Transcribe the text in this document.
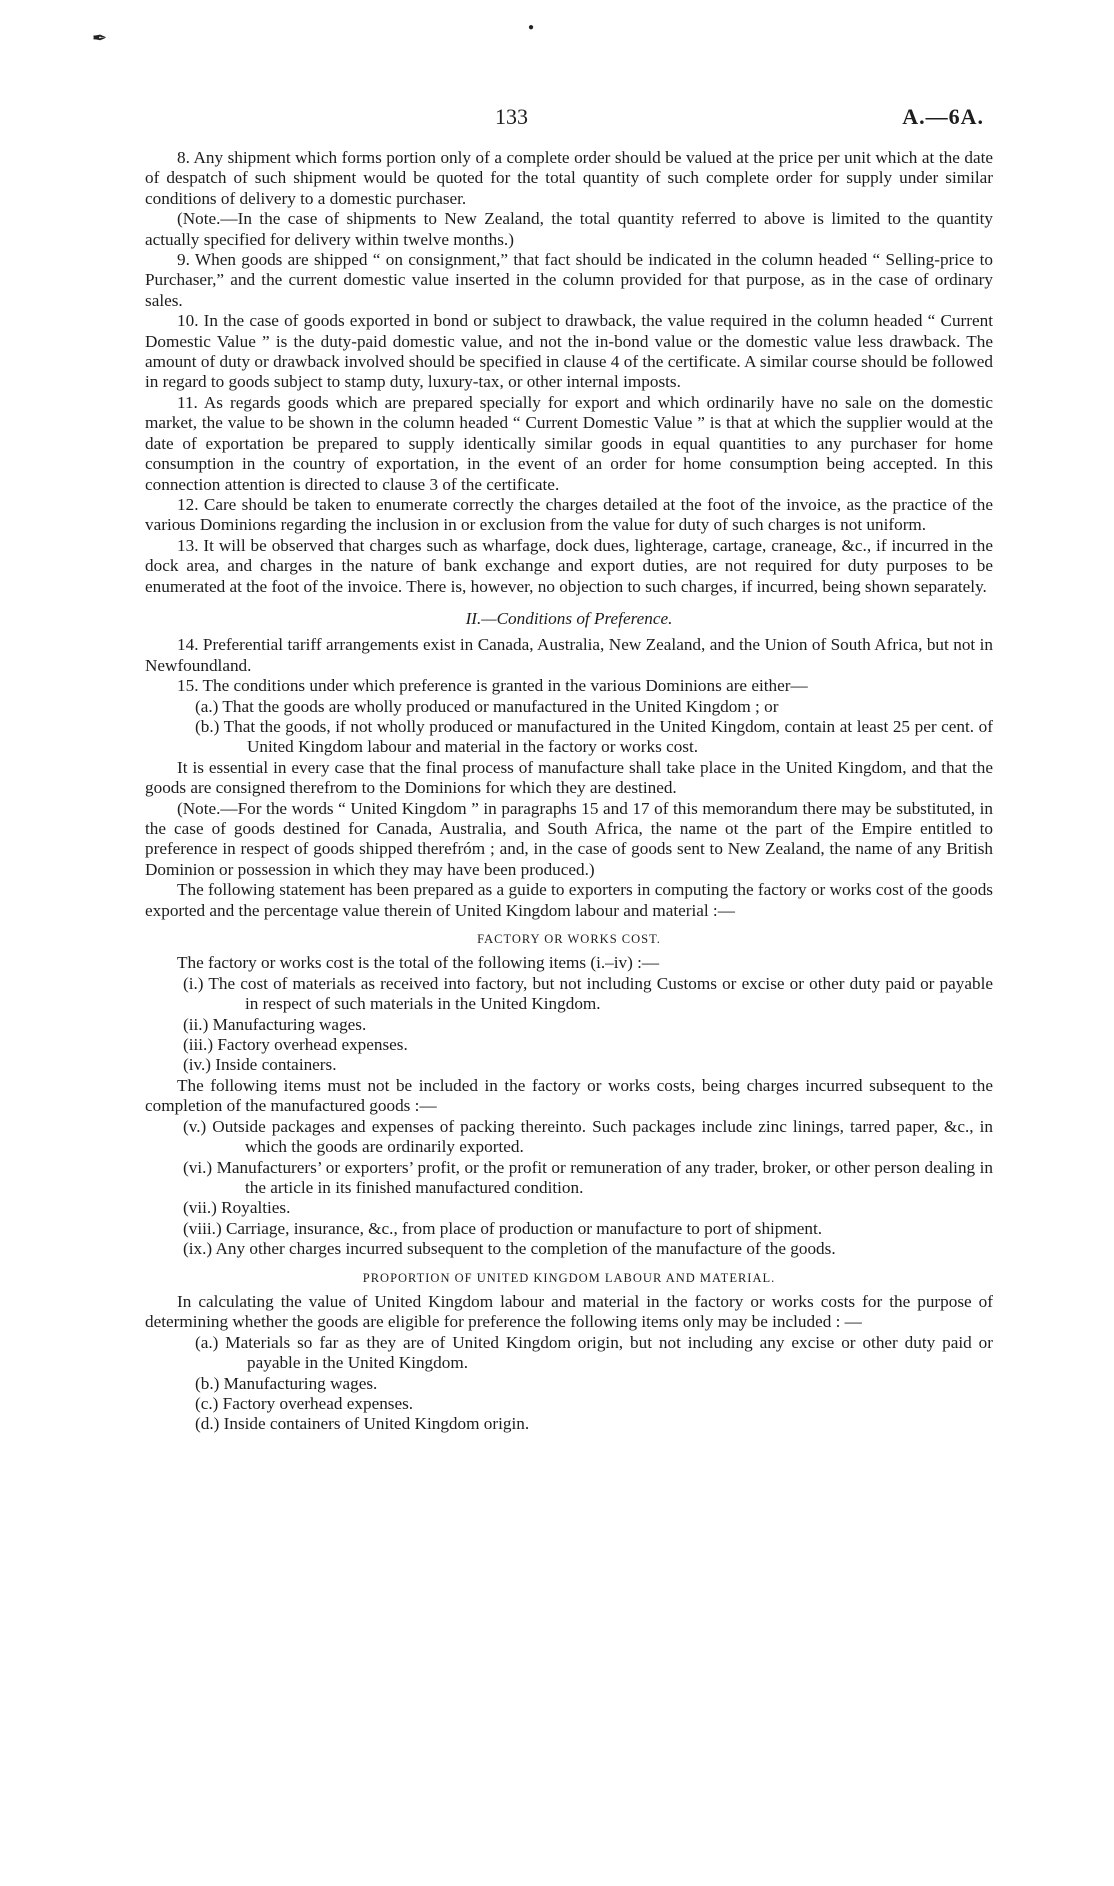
✒
●
133	A.—6A.

8. Any shipment which forms portion only of a complete order should be valued at the price per unit which at the date of despatch of such shipment would be quoted for the total quantity of such complete order for supply under similar conditions of delivery to a domestic purchaser.

(Note.—In the case of shipments to New Zealand, the total quantity referred to above is limited to the quantity actually specified for delivery within twelve months.)

9. When goods are shipped “ on consignment,” that fact should be indicated in the column headed “ Selling-price to Purchaser,” and the current domestic value inserted in the column provided for that purpose, as in the case of ordinary sales.

10. In the case of goods exported in bond or subject to drawback, the value required in the column headed “ Current Domestic Value ” is the duty-paid domestic value, and not the in-bond value or the domestic value less drawback. The amount of duty or drawback involved should be specified in clause 4 of the certificate. A similar course should be followed in regard to goods subject to stamp duty, luxury-tax, or other internal imposts.

11. As regards goods which are prepared specially for export and which ordinarily have no sale on the domestic market, the value to be shown in the column headed “ Current Domestic Value ” is that at which the supplier would at the date of exportation be prepared to supply identically similar goods in equal quantities to any purchaser for home consumption in the country of exportation, in the event of an order for home consumption being accepted. In this connection attention is directed to clause 3 of the certificate.

12. Care should be taken to enumerate correctly the charges detailed at the foot of the invoice, as the practice of the various Dominions regarding the inclusion in or exclusion from the value for duty of such charges is not uniform.

13. It will be observed that charges such as wharfage, dock dues, lighterage, cartage, craneage, &c., if incurred in the dock area, and charges in the nature of bank exchange and export duties, are not required for duty purposes to be enumerated at the foot of the invoice. There is, however, no objection to such charges, if incurred, being shown separately.

II.—Conditions of Preference.

14. Preferential tariff arrangements exist in Canada, Australia, New Zealand, and the Union of South Africa, but not in Newfoundland.

15. The conditions under which preference is granted in the various Dominions are either—

(a.) That the goods are wholly produced or manufactured in the United Kingdom ; or

(b.) That the goods, if not wholly produced or manufactured in the United Kingdom, contain at least 25 per cent. of United Kingdom labour and material in the factory or works cost.

It is essential in every case that the final process of manufacture shall take place in the United Kingdom, and that the goods are consigned therefrom to the Dominions for which they are destined.

(Note.—For the words “ United Kingdom ” in paragraphs 15 and 17 of this memorandum there may be substituted, in the case of goods destined for Canada, Australia, and South Africa, the name ot the part of the Empire entitled to preference in respect of goods shipped therefróm ; and, in the case of goods sent to New Zealand, the name of any British Dominion or possession in which they may have been produced.)

The following statement has been prepared as a guide to exporters in computing the factory or works cost of the goods exported and the percentage value therein of United Kingdom labour and material :—

FACTORY OR WORKS COST.

The factory or works cost is the total of the following items (i.–iv) :—

(i.) The cost of materials as received into factory, but not including Customs or excise or other duty paid or payable in respect of such materials in the United Kingdom.

(ii.) Manufacturing wages.

(iii.) Factory overhead expenses.

(iv.) Inside containers.

The following items must not be included in the factory or works costs, being charges incurred subsequent to the completion of the manufactured goods :—

(v.) Outside packages and expenses of packing thereinto. Such packages include zinc linings, tarred paper, &c., in which the goods are ordinarily exported.

(vi.) Manufacturers’ or exporters’ profit, or the profit or remuneration of any trader, broker, or other person dealing in the article in its finished manufactured condition.

(vii.) Royalties.

(viii.) Carriage, insurance, &c., from place of production or manufacture to port of shipment.

(ix.) Any other charges incurred subsequent to the completion of the manufacture of the goods.

PROPORTION OF UNITED KINGDOM LABOUR AND MATERIAL.

In calculating the value of United Kingdom labour and material in the factory or works costs for the purpose of determining whether the goods are eligible for preference the following items only may be included : —

(a.) Materials so far as they are of United Kingdom origin, but not including any excise or other duty paid or payable in the United Kingdom.

(b.) Manufacturing wages.

(c.) Factory overhead expenses.

(d.) Inside containers of United Kingdom origin.
